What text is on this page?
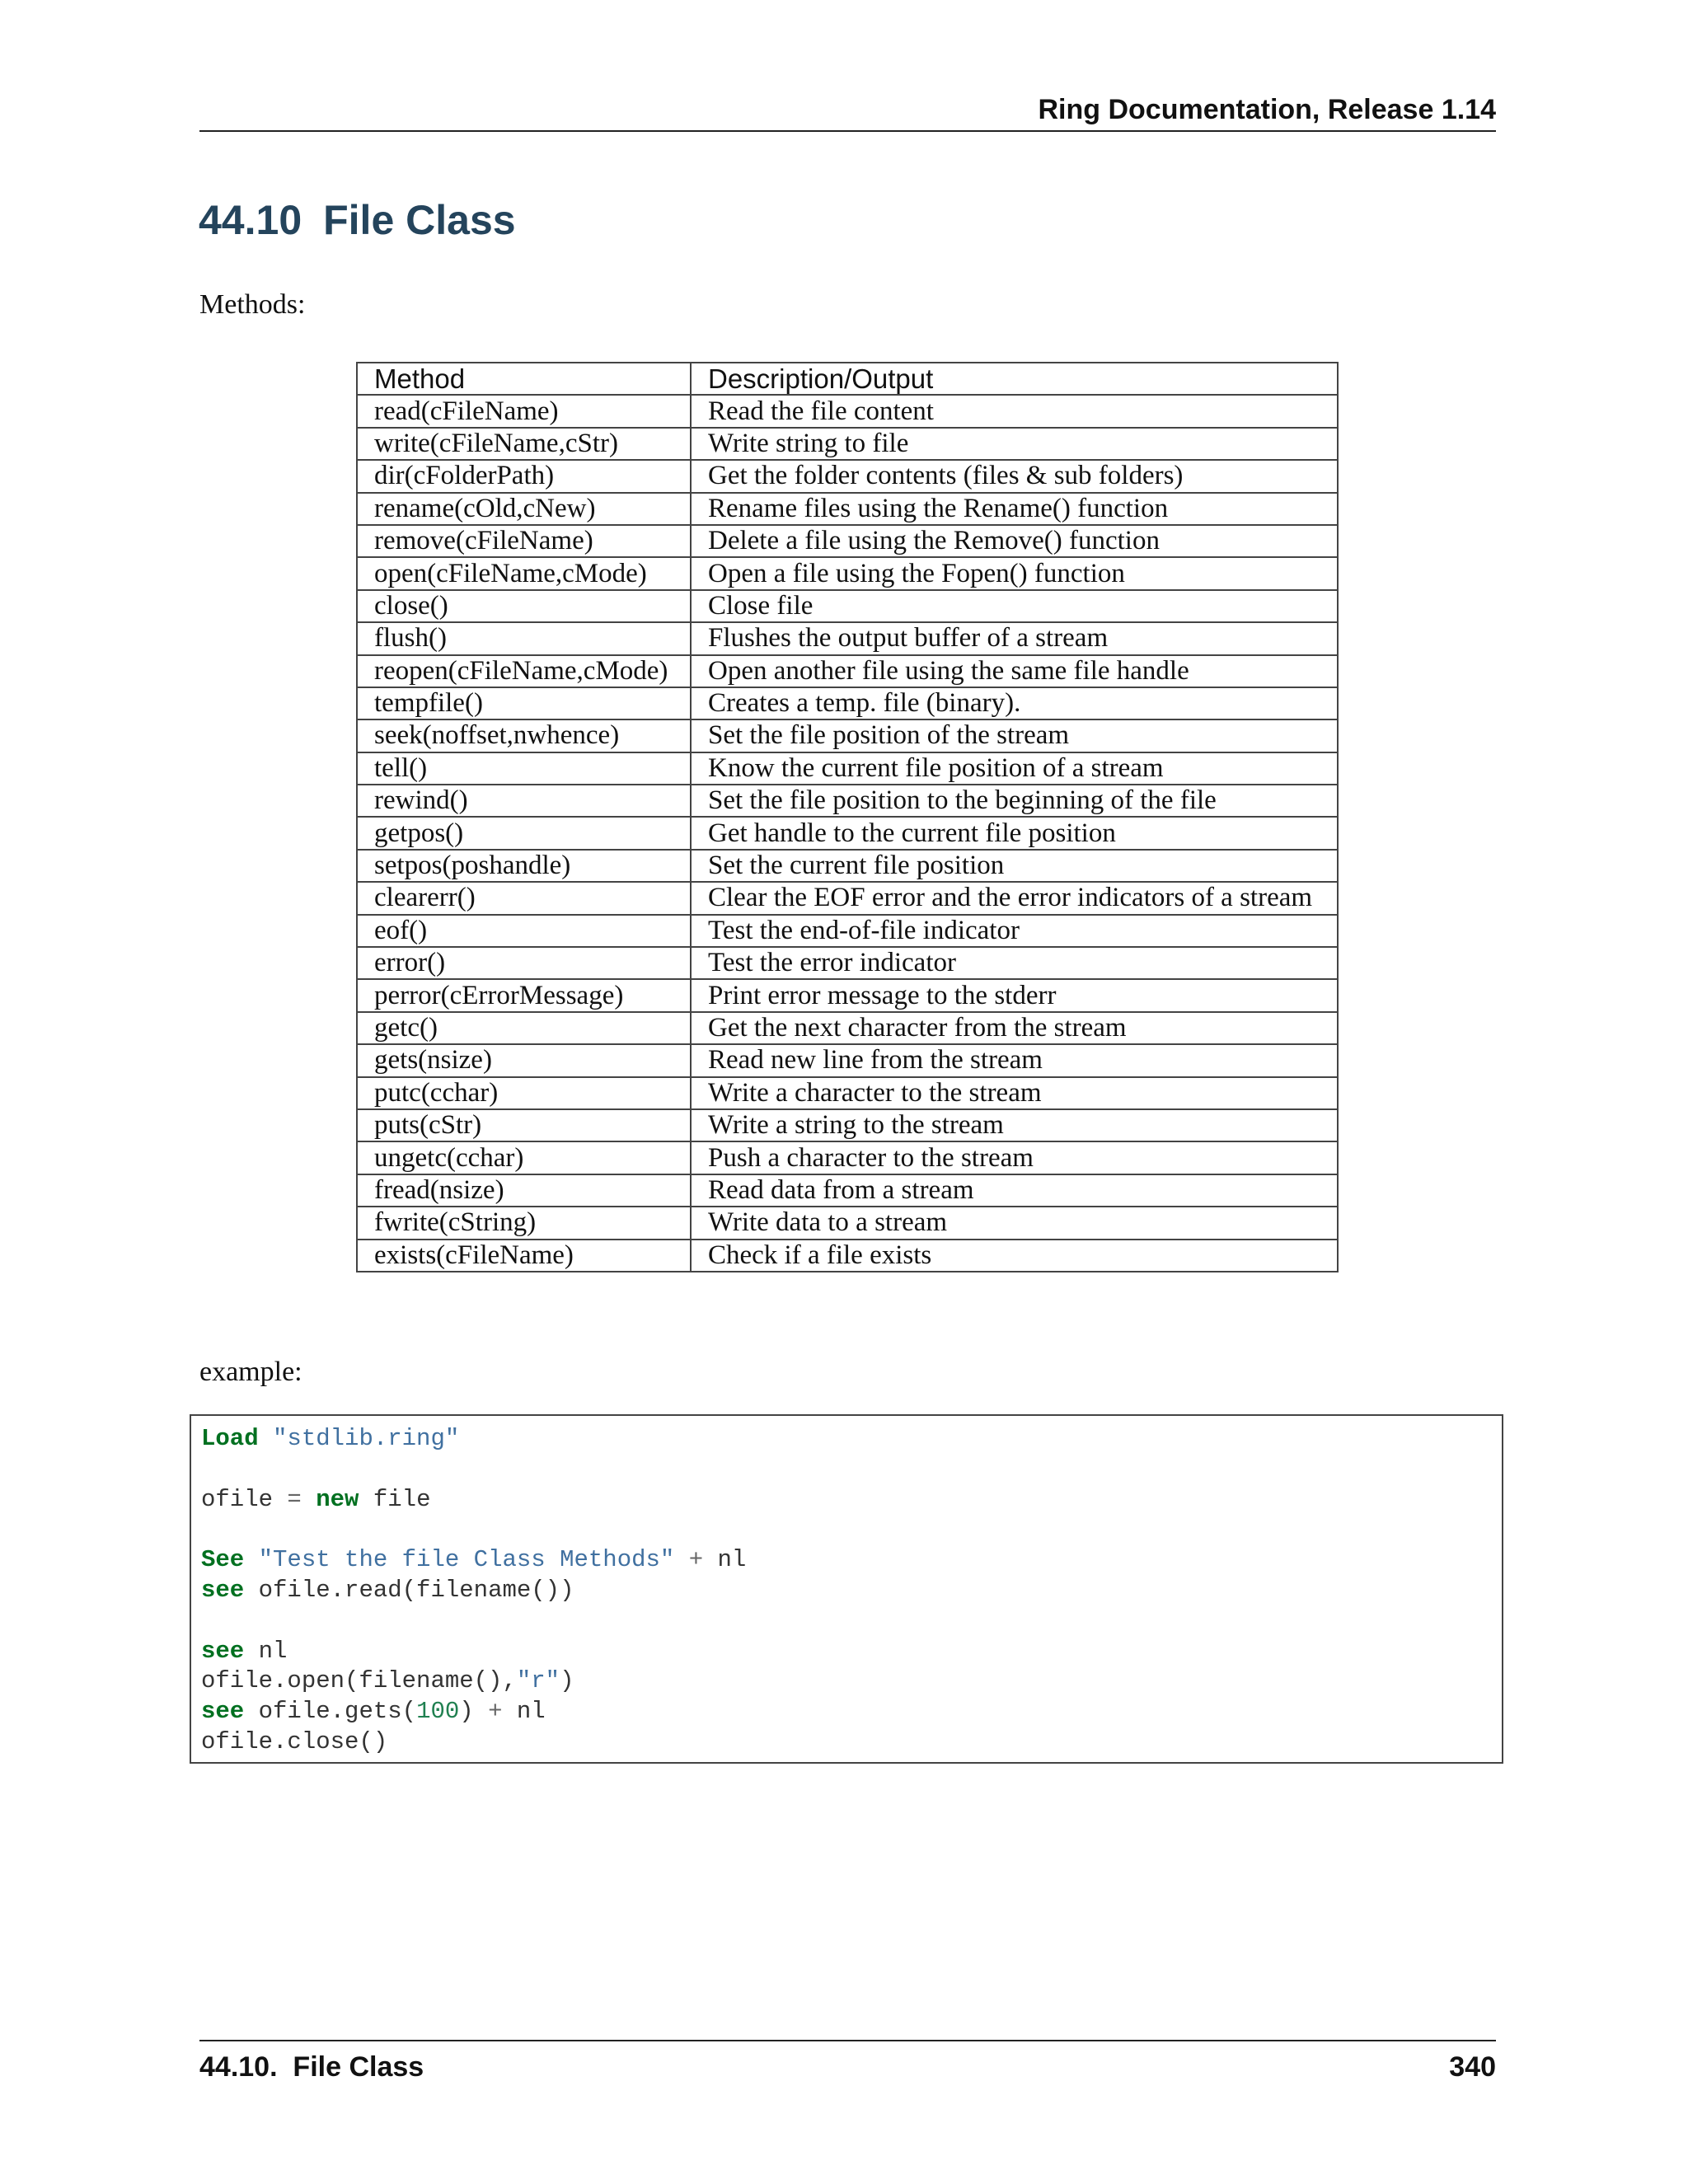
Ring Documentation, Release 1.14
44.10 File Class

Methods:

Method	Description/Output
read(cFileName)	Read the file content
write(cFileName,cStr)	Write string to file
dir(cFolderPath)	Get the folder contents (files & sub folders)
rename(cOld,cNew)	Rename files using the Rename() function
remove(cFileName)	Delete a file using the Remove() function
open(cFileName,cMode)	Open a file using the Fopen() function
close()	Close file
flush()	Flushes the output buffer of a stream
reopen(cFileName,cMode)	Open another file using the same file handle
tempfile()	Creates a temp. file (binary).
seek(noffset,nwhence)	Set the file position of the stream
tell()	Know the current file position of a stream
rewind()	Set the file position to the beginning of the file
getpos()	Get handle to the current file position
setpos(poshandle)	Set the current file position
clearerr()	Clear the EOF error and the error indicators of a stream
eof()	Test the end-of-file indicator
error()	Test the error indicator
perror(cErrorMessage)	Print error message to the stderr
getc()	Get the next character from the stream
gets(nsize)	Read new line from the stream
putc(cchar)	Write a character to the stream
puts(cStr)	Write a string to the stream
ungetc(cchar)	Push a character to the stream
fread(nsize)	Read data from a stream
fwrite(cString)	Write data to a stream
exists(cFileName)	Check if a file exists

example:

Load "stdlib.ring"
ofile = new file
See "Test the file Class Methods" + nl
see ofile.read(filename())
see nl
ofile.open(filename(),"r")
see ofile.gets(100) + nl
ofile.close()
44.10.  File Class	340
